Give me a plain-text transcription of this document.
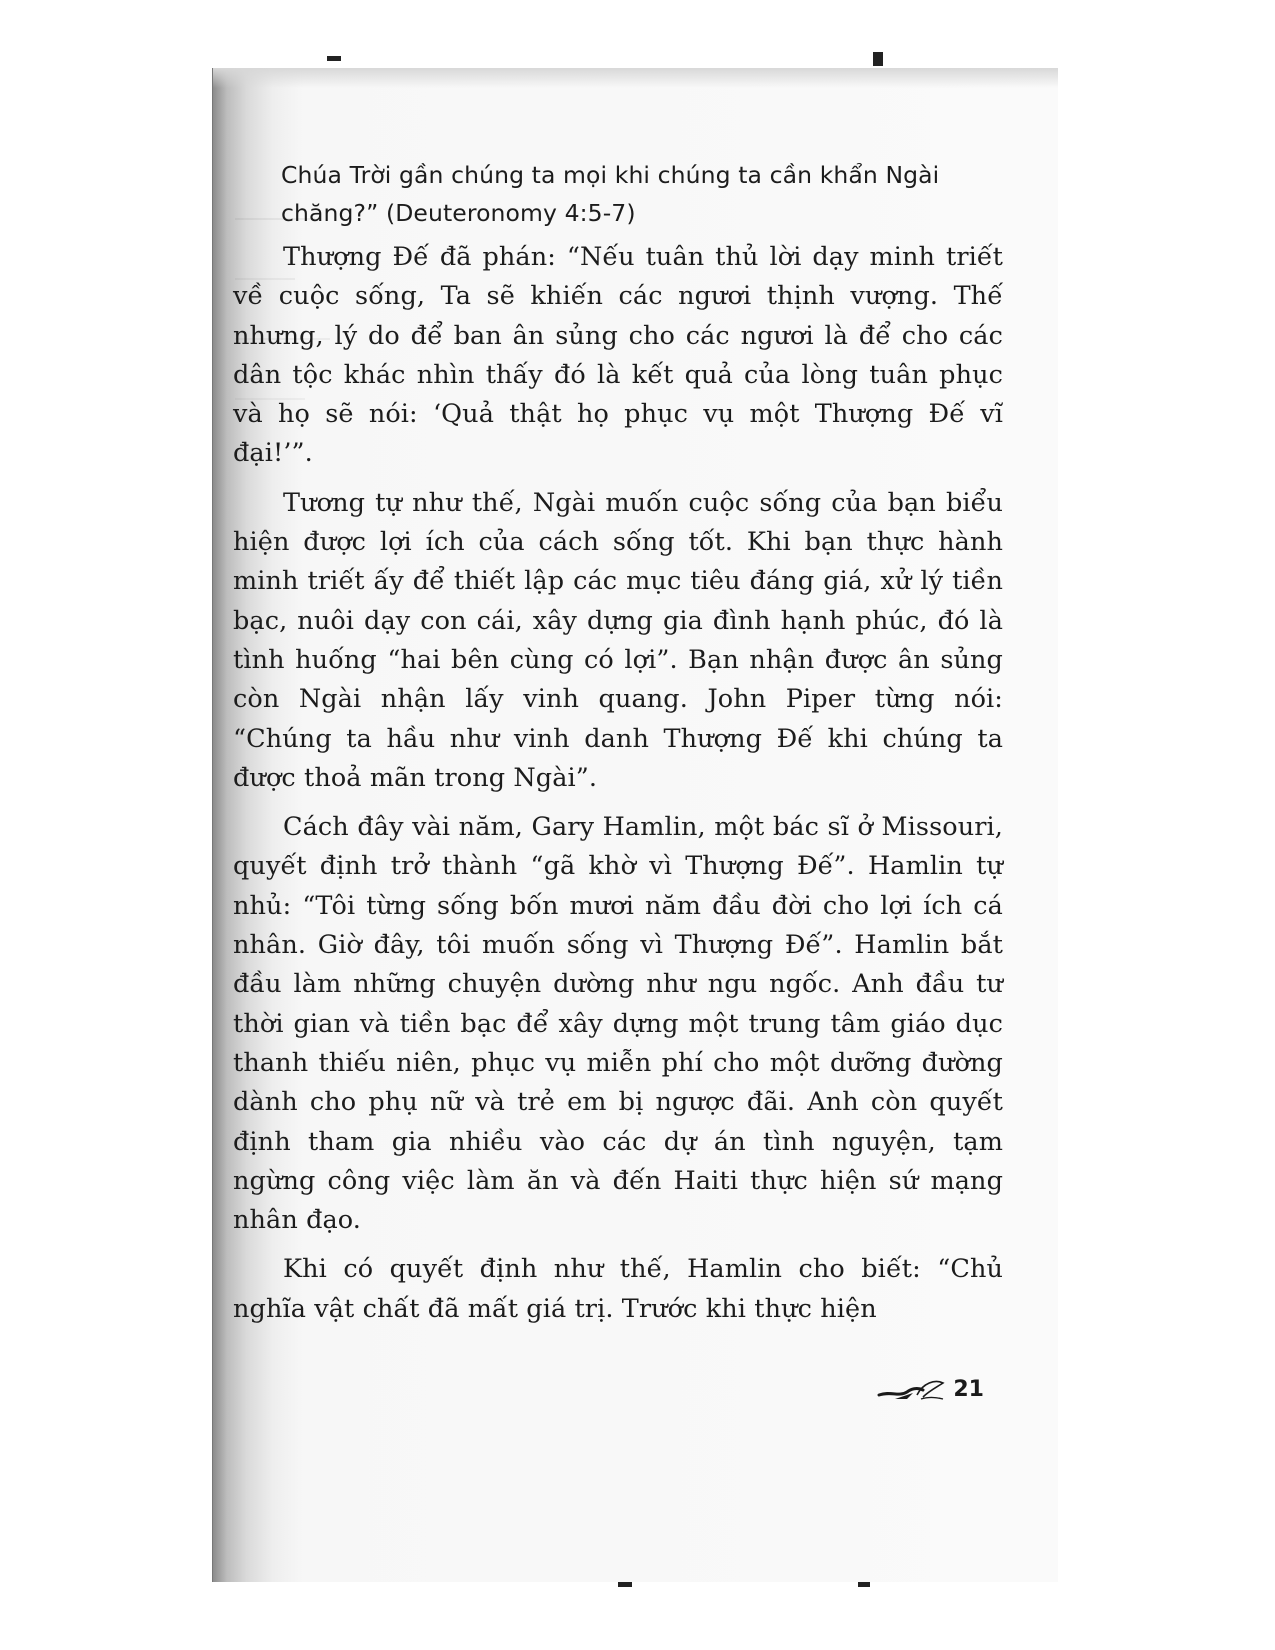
Chúa Trời gần chúng ta mọi khi chúng ta cần khẩn Ngài
chăng?” (Deuteronomy 4:5-7)

Thượng Đế đã phán: “Nếu tuân thủ lời dạy minh triết về cuộc sống, Ta sẽ khiến các ngươi thịnh vượng. Thế nhưng, lý do để ban ân sủng cho các ngươi là để cho các dân tộc khác nhìn thấy đó là kết quả của lòng tuân phục và họ sẽ nói: ‘Quả thật họ phục vụ một Thượng Đế vĩ đại!’”.

Tương tự như thế, Ngài muốn cuộc sống của bạn biểu hiện được lợi ích của cách sống tốt. Khi bạn thực hành minh triết ấy để thiết lập các mục tiêu đáng giá, xử lý tiền bạc, nuôi dạy con cái, xây dựng gia đình hạnh phúc, đó là tình huống “hai bên cùng có lợi”. Bạn nhận được ân sủng còn Ngài nhận lấy vinh quang. John Piper từng nói: “Chúng ta hầu như vinh danh Thượng Đế khi chúng ta được thoả mãn trong Ngài”.

Cách đây vài năm, Gary Hamlin, một bác sĩ ở Missouri, quyết định trở thành “gã khờ vì Thượng Đế”. Hamlin tự nhủ: “Tôi từng sống bốn mươi năm đầu đời cho lợi ích cá nhân. Giờ đây, tôi muốn sống vì Thượng Đế”. Hamlin bắt đầu làm những chuyện dường như ngu ngốc. Anh đầu tư thời gian và tiền bạc để xây dựng một trung tâm giáo dục thanh thiếu niên, phục vụ miễn phí cho một dưỡng đường dành cho phụ nữ và trẻ em bị ngược đãi. Anh còn quyết định tham gia nhiều vào các dự án tình nguyện, tạm ngừng công việc làm ăn và đến Haiti thực hiện sứ mạng nhân đạo.

Khi có quyết định như thế, Hamlin cho biết: “Chủ nghĩa vật chất đã mất giá trị. Trước khi thực hiện

21
